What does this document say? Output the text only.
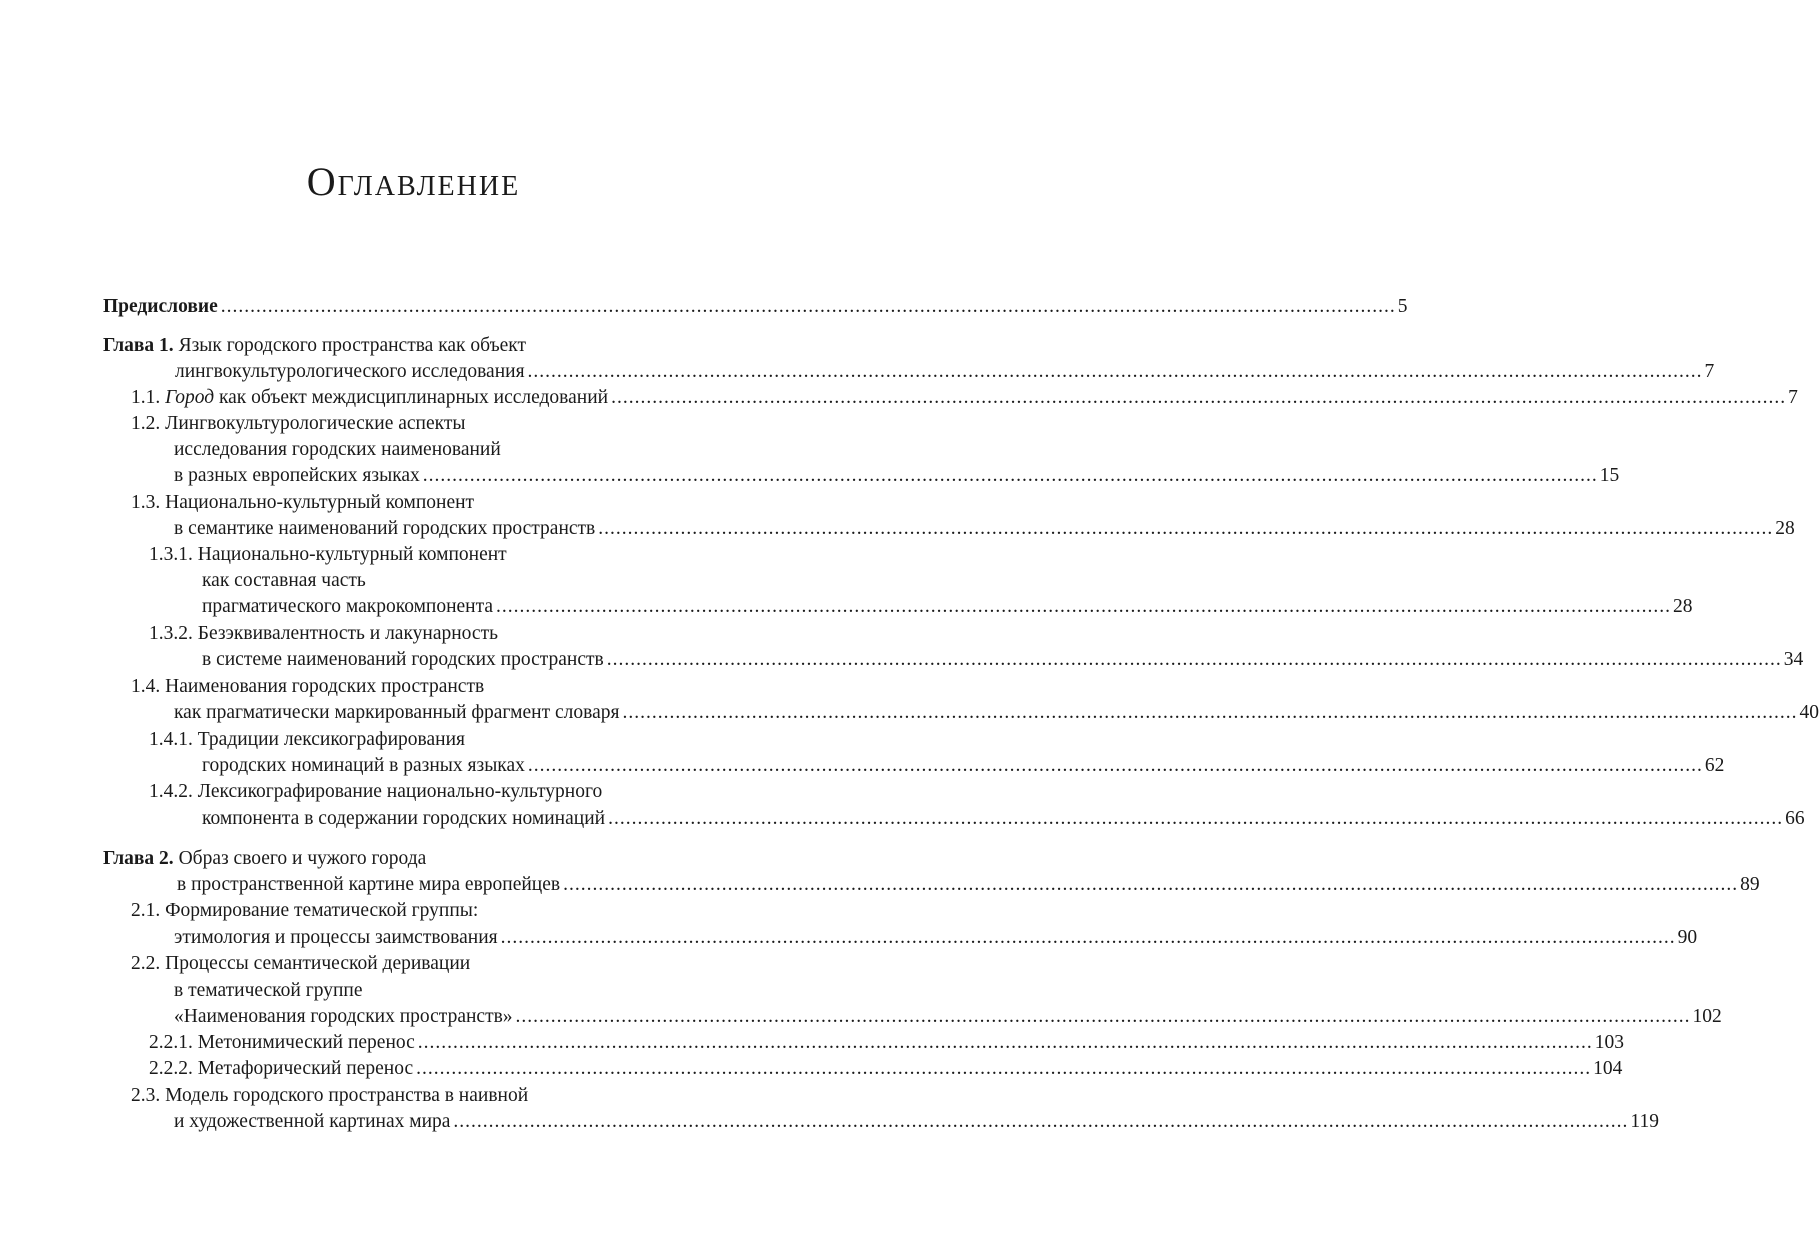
Оглавление
Предисловие ........................................................................................................................................................................................................ 5
Глава 1. Язык городского пространства как объект
лингвокультурологического исследования ........................................................................................................................................................................................................ 7
1.1. Город как объект междисциплинарных исследований ........................................................................................................................................................................................................ 7
1.2. Лингвокультурологические аспекты
исследования городских наименований
в разных европейских языках ........................................................................................................................................................................................................ 15
1.3. Национально-культурный компонент
в семантике наименований городских пространств ........................................................................................................................................................................................................ 28
1.3.1. Национально-культурный компонент
как составная часть
прагматического макрокомпонента ........................................................................................................................................................................................................ 28
1.3.2. Безэквивалентность и лакунарность
в системе наименований городских пространств ........................................................................................................................................................................................................ 34
1.4. Наименования городских пространств
как прагматически маркированный фрагмент словаря ........................................................................................................................................................................................................ 40
1.4.1. Традиции лексикографирования
городских номинаций в разных языках ........................................................................................................................................................................................................ 62
1.4.2. Лексикографирование национально-культурного
компонента в содержании городских номинаций ........................................................................................................................................................................................................ 66
Глава 2. Образ своего и чужого города
в пространственной картине мира европейцев ........................................................................................................................................................................................................ 89
2.1. Формирование тематической группы:
этимология и процессы заимствования ........................................................................................................................................................................................................ 90
2.2. Процессы семантической деривации
в тематической группе
«Наименования городских пространств» ........................................................................................................................................................................................................ 102
2.2.1. Метонимический перенос ........................................................................................................................................................................................................ 103
2.2.2. Метафорический перенос ........................................................................................................................................................................................................ 104
2.3. Модель городского пространства в наивной
и художественной картинах мира ........................................................................................................................................................................................................ 119
